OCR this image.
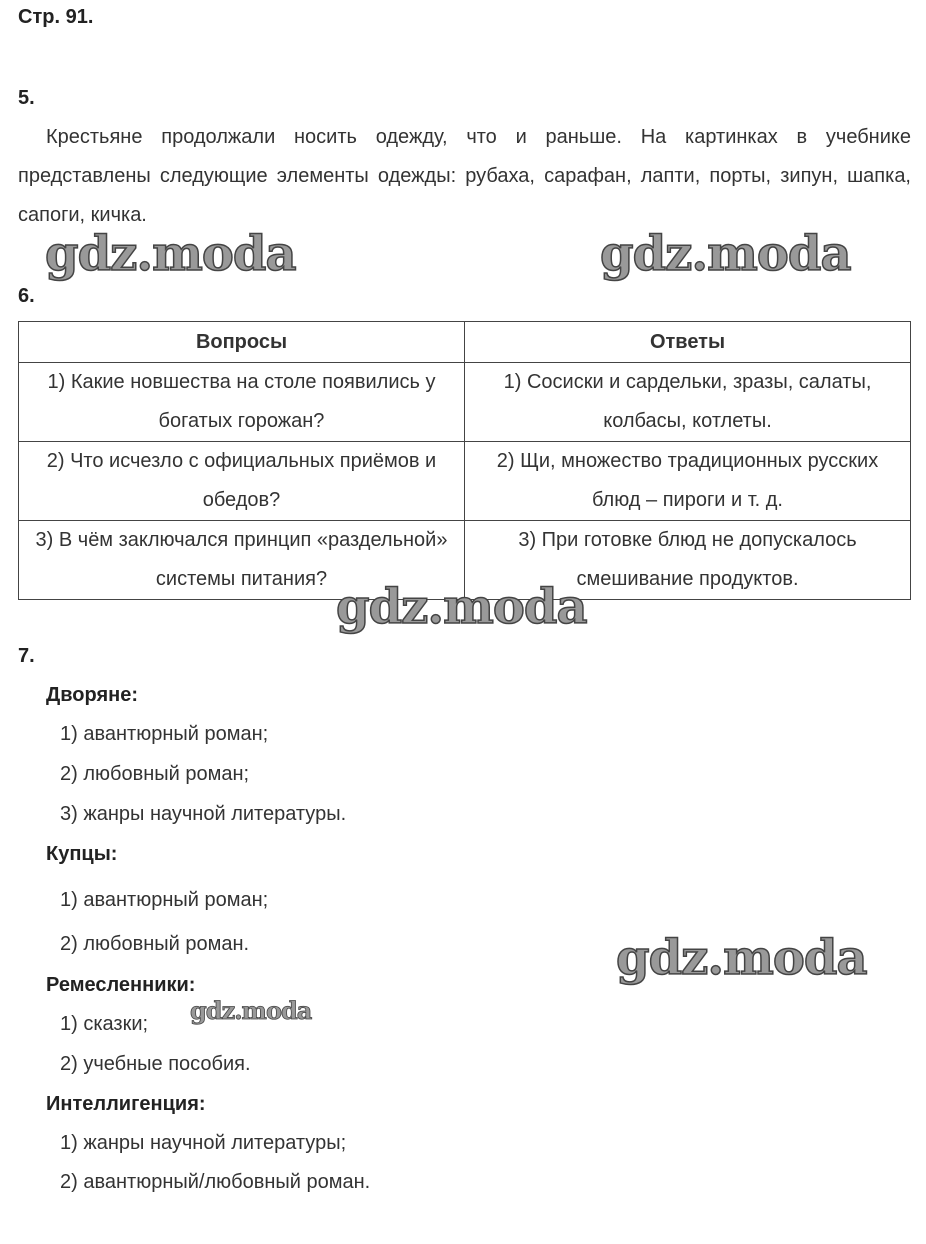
Стр. 91.
5.
Крестьяне продолжали носить одежду, что и раньше. На картинках в учебнике представлены следующие элементы одежды: рубаха, сарафан, лапти, порты, зипун, шапка, сапоги, кичка.
6.
Вопросы	Ответы
1) Какие новшества на столе появились у богатых горожан?	1) Сосиски и сардельки, зразы, салаты, колбасы, котлеты.
2) Что исчезло с официальных приёмов и обедов?	2) Щи, множество традиционных русских блюд – пироги и т. д.
3) В чём заключался принцип «раздельной» системы питания?	3) При готовке блюд не допускалось смешивание продуктов.
7.
Дворяне:
1) авантюрный роман;
2) любовный роман;
3) жанры научной литературы.
Купцы:
1) авантюрный роман;
2) любовный роман.
Ремесленники:
1) сказки;
2) учебные пособия.
Интеллигенция:
1) жанры научной литературы;
2) авантюрный/любовный роман.
gdz.moda	gdz.moda
gdz.moda
gdz.moda
gdz.moda
